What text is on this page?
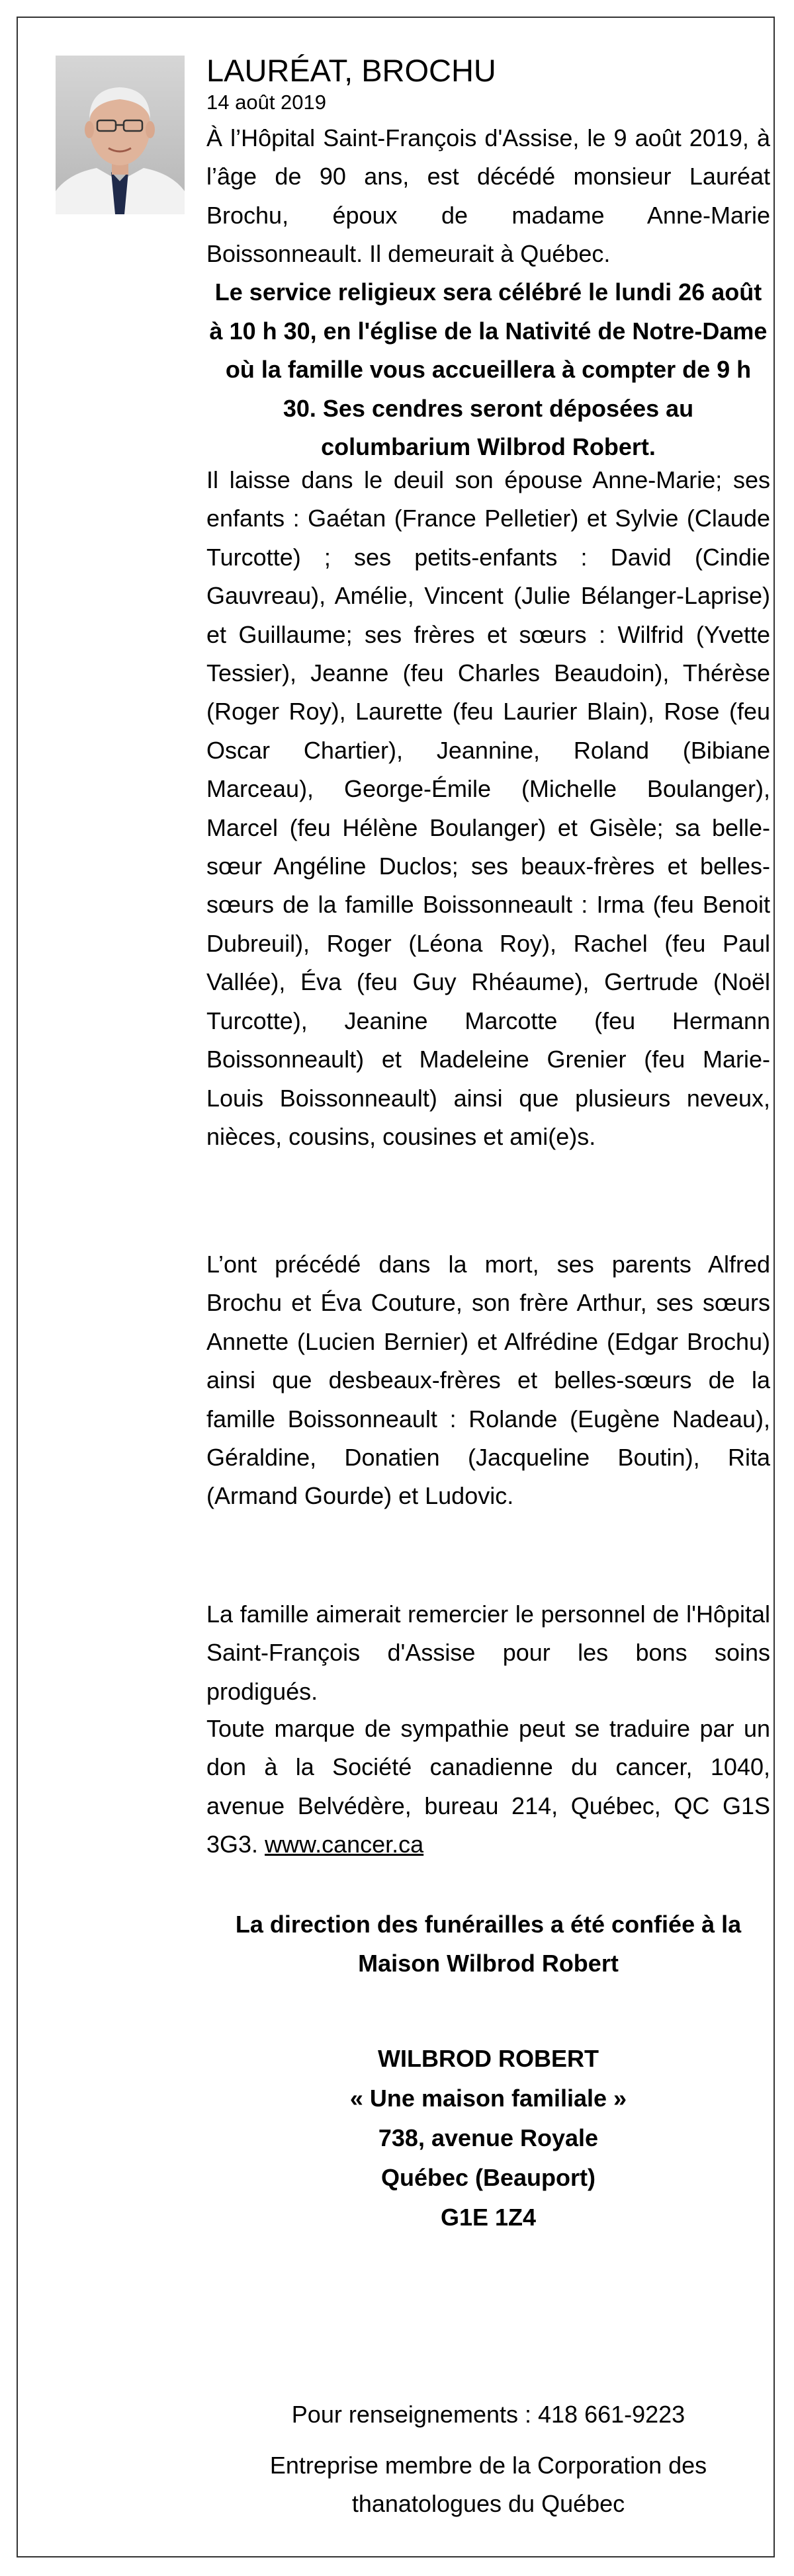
LAURÉAT, BROCHU
14 août 2019

À l’Hôpital Saint-François d'Assise, le 9 août 2019, à l’âge de 90 ans, est décédé monsieur Lauréat Brochu, époux de madame Anne-Marie Boissonneault. Il demeurait à Québec.

Le service religieux sera célébré le lundi 26 août à 10 h 30, en l'église de la Nativité de Notre-Dame où la famille vous accueillera à compter de 9 h 30. Ses cendres seront déposées au columbarium Wilbrod Robert.

Il laisse dans le deuil son épouse Anne-Marie; ses enfants : Gaétan (France Pelletier) et Sylvie (Claude Turcotte) ; ses petits-enfants : David (Cindie Gauvreau), Amélie, Vincent (Julie Bélanger-Laprise) et Guillaume; ses frères et sœurs : Wilfrid (Yvette Tessier), Jeanne (feu Charles Beaudoin), Thérèse (Roger Roy), Laurette (feu Laurier Blain), Rose (feu Oscar Chartier), Jeannine, Roland (Bibiane Marceau), George-Émile (Michelle Boulanger), Marcel (feu Hélène Boulanger) et Gisèle; sa belle-sœur Angéline Duclos; ses beaux-frères et belles-sœurs de la famille Boissonneault : Irma (feu Benoit Dubreuil), Roger (Léona Roy), Rachel (feu Paul Vallée), Éva (feu Guy Rhéaume), Gertrude (Noël Turcotte), Jeanine Marcotte (feu Hermann Boissonneault) et Madeleine Grenier (feu Marie-Louis Boissonneault) ainsi que plusieurs neveux, nièces, cousins, cousines et ami(e)s.

L’ont précédé dans la mort, ses parents Alfred Brochu et Éva Couture, son frère Arthur, ses sœurs Annette (Lucien Bernier) et Alfrédine (Edgar Brochu) ainsi que desbeaux-frères et belles-sœurs de la famille Boissonneault : Rolande (Eugène Nadeau), Géraldine, Donatien (Jacqueline Boutin), Rita (Armand Gourde) et Ludovic.

La famille aimerait remercier le personnel de l'Hôpital Saint-François d'Assise pour les bons soins prodigués.

Toute marque de sympathie peut se traduire par un don à la Société canadienne du cancer, 1040, avenue Belvédère, bureau 214, Québec, QC G1S 3G3. www.cancer.ca

La direction des funérailles a été confiée à la

Maison Wilbrod Robert

WILBROD ROBERT

« Une maison familiale »

738, avenue Royale

Québec (Beauport)

G1E 1Z4

Pour renseignements : 418 661-9223

Entreprise membre de la Corporation des

thanatologues du Québec
